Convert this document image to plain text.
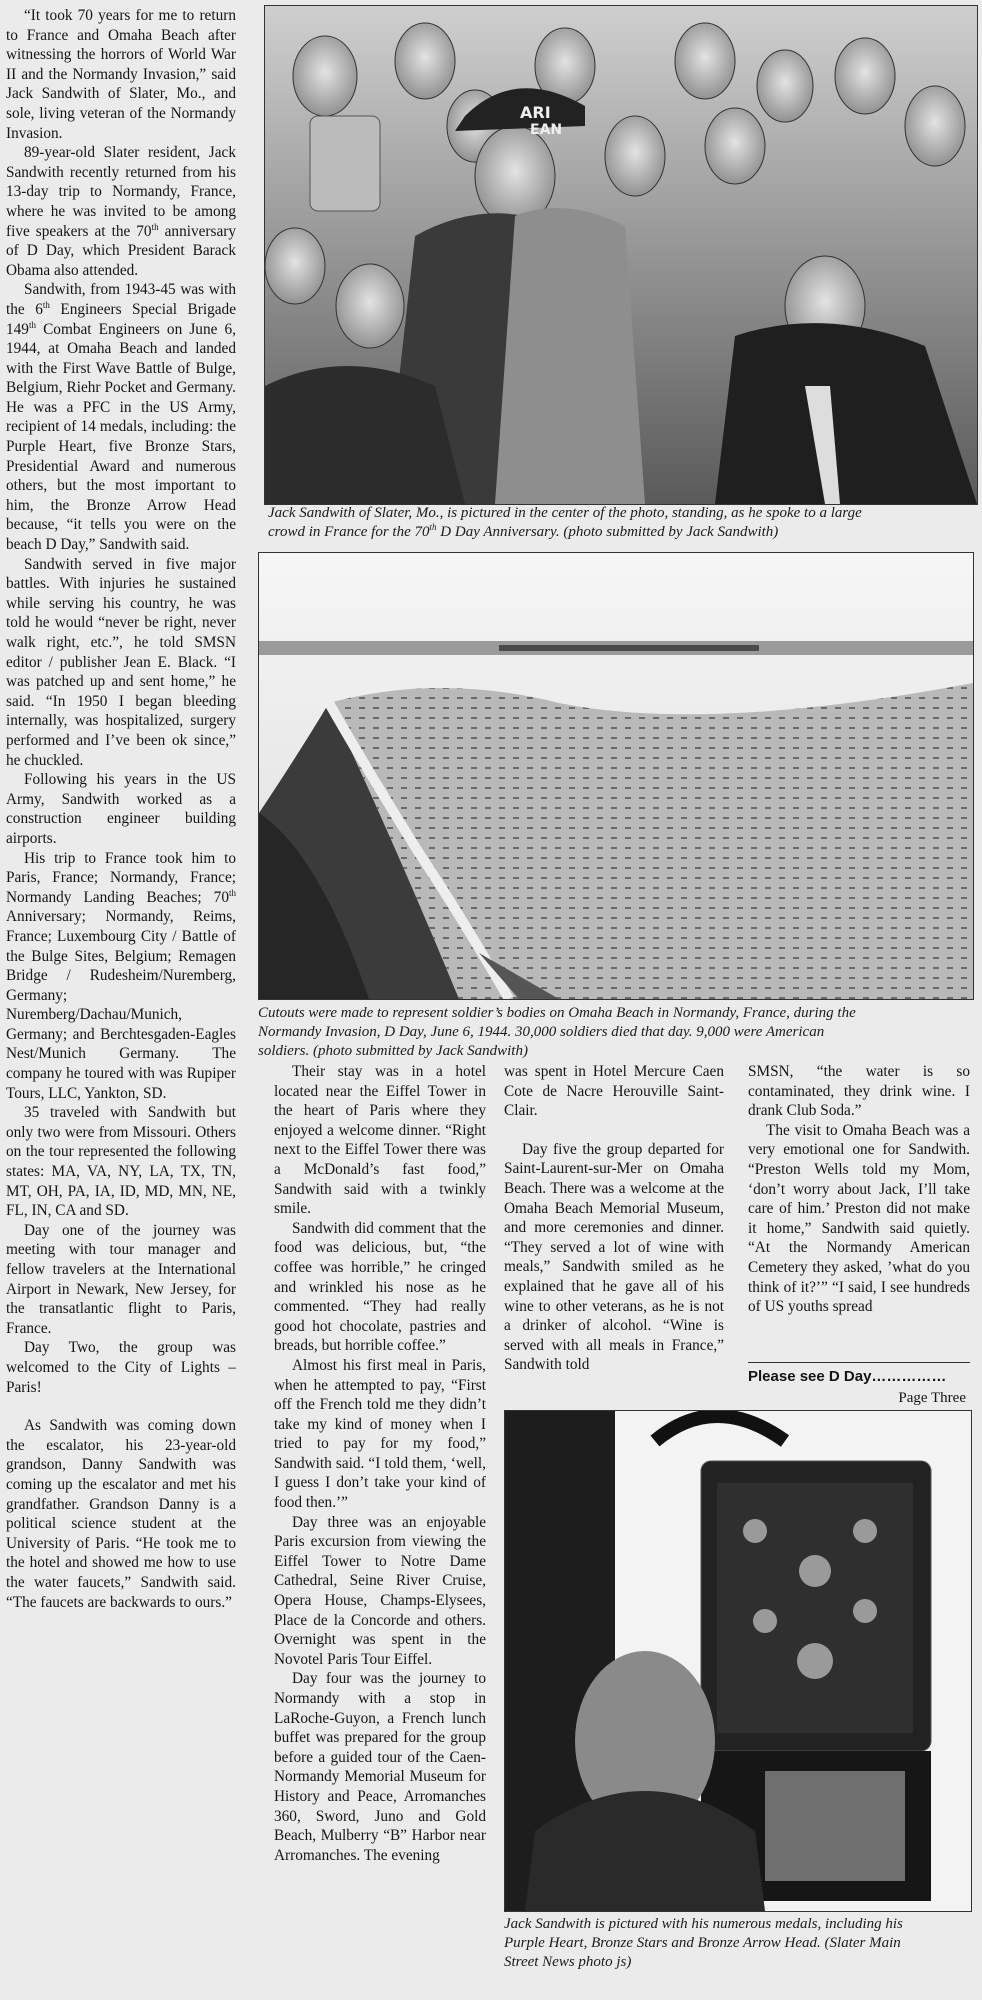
“It took 70 years for me to return to France and Omaha Beach after witnessing the horrors of World War II and the Normandy Invasion,” said Jack Sandwith of Slater, Mo., and sole, living veteran of the Normandy Invasion.

89-year-old Slater resident, Jack Sandwith recently returned from his 13-day trip to Normandy, France, where he was invited to be among five speakers at the 70th anniversary of D Day, which President Barack Obama also attended.

Sandwith, from 1943-45 was with the 6th Engineers Special Brigade 149th Combat Engineers on June 6, 1944, at Omaha Beach and landed with the First Wave Battle of Bulge, Belgium, Riehr Pocket and Germany. He was a PFC in the US Army, recipient of 14 medals, including: the Purple Heart, five Bronze Stars, Presidential Award and numerous others, but the most important to him, the Bronze Arrow Head because, “it tells you were on the beach D Day,” Sandwith said.

Sandwith served in five major battles. With injuries he sustained while serving his country, he was told he would “never be right, never walk right, etc.”, he told SMSN editor / publisher Jean E. Black. “I was patched up and sent home,” he said. “In 1950 I began bleeding internally, was hospitalized, surgery performed and I’ve been ok since,” he chuckled.

Following his years in the US Army, Sandwith worked as a construction engineer building airports.

His trip to France took him to Paris, France; Normandy, France; Normandy Landing Beaches; 70th Anniversary; Normandy, Reims, France; Luxembourg City / Battle of the Bulge Sites, Belgium; Remagen Bridge / Rudesheim/Nuremberg, Germany; Nuremberg/Dachau/Munich, Germany; and Berchtesgaden-Eagles Nest/Munich Germany. The company he toured with was Rupiper Tours, LLC, Yankton, SD.

35 traveled with Sandwith but only two were from Missouri. Others on the tour represented the following states: MA, VA, NY, LA, TX, TN, MT, OH, PA, IA, ID, MD, MN, NE, FL, IN, CA and SD.

Day one of the journey was meeting with tour manager and fellow travelers at the International Airport in Newark, New Jersey, for the transatlantic flight to Paris, France.

Day Two, the group was welcomed to the City of Lights – Paris!

As Sandwith was coming down the escalator, his 23-year-old grandson, Danny Sandwith was coming up the escalator and met his grandfather. Grandson Danny is a political science student at the University of Paris. “He took me to the hotel and showed me how to use the water faucets,” Sandwith said. “The faucets are backwards to ours.”

ARI
EAN
Jack Sandwith of Slater, Mo., is pictured in the center of the photo, standing, as he spoke to a large
crowd in France for the 70th D Day Anniversary. (photo submitted by Jack Sandwith)
Cutouts were made to represent soldier’s bodies on Omaha Beach in Normandy, France, during the
Normandy Invasion, D Day, June 6, 1944. 30,000 soldiers died that day. 9,000 were American
soldiers. (photo submitted by Jack Sandwith)

Their stay was in a hotel located near the Eiffel Tower in the heart of Paris where they enjoyed a welcome dinner. “Right next to the Eiffel Tower there was a McDonald’s fast food,” Sandwith said with a twinkly smile.

Sandwith did comment that the food was delicious, but, “the coffee was horrible,” he cringed and wrinkled his nose as he commented. “They had really good hot chocolate, pastries and breads, but horrible coffee.”

Almost his first meal in Paris, when he attempted to pay, “First off the French told me they didn’t take my kind of money when I tried to pay for my food,” Sandwith said. “I told them, ‘well, I guess I don’t take your kind of food then.’”

Day three was an enjoyable Paris excursion from viewing the Eiffel Tower to Notre Dame Cathedral, Seine River Cruise, Opera House, Champs-Elysees, Place de la Concorde and others. Overnight was spent in the Novotel Paris Tour Eiffel.

Day four was the journey to Normandy with a stop in LaRoche-Guyon, a French lunch buffet was prepared for the group before a guided tour of the Caen-Normandy Memorial Museum for History and Peace, Arromanches 360, Sword, Juno and Gold Beach, Mulberry “B” Harbor near Arromanches. The evening

was spent in Hotel Mercure Caen Cote de Nacre Herouville Saint-Clair.

Day five the group departed for Saint-Laurent-sur-Mer on Omaha Beach. There was a welcome at the Omaha Beach Memorial Museum, and more ceremonies and dinner. “They served a lot of wine with meals,” Sandwith smiled as he explained that he gave all of his wine to other veterans, as he is not a drinker of alcohol. “Wine is served with all meals in France,” Sandwith told

SMSN, “the water is so contaminated, they drink wine. I drank Club Soda.”

The visit to Omaha Beach was a very emotional one for Sandwith. “Preston Wells told my Mom, ‘don’t worry about Jack, I’ll take care of him.’ Preston did not make it home,” Sandwith said quietly. “At the Normandy American Cemetery they asked, ’what do you think of it?’” “I said, I see hundreds of US youths spread

Please see D Day……………
Page Three
Jack Sandwith is pictured with his numerous medals, including his
Purple Heart, Bronze Stars and Bronze Arrow Head. (Slater Main
Street News photo js)
